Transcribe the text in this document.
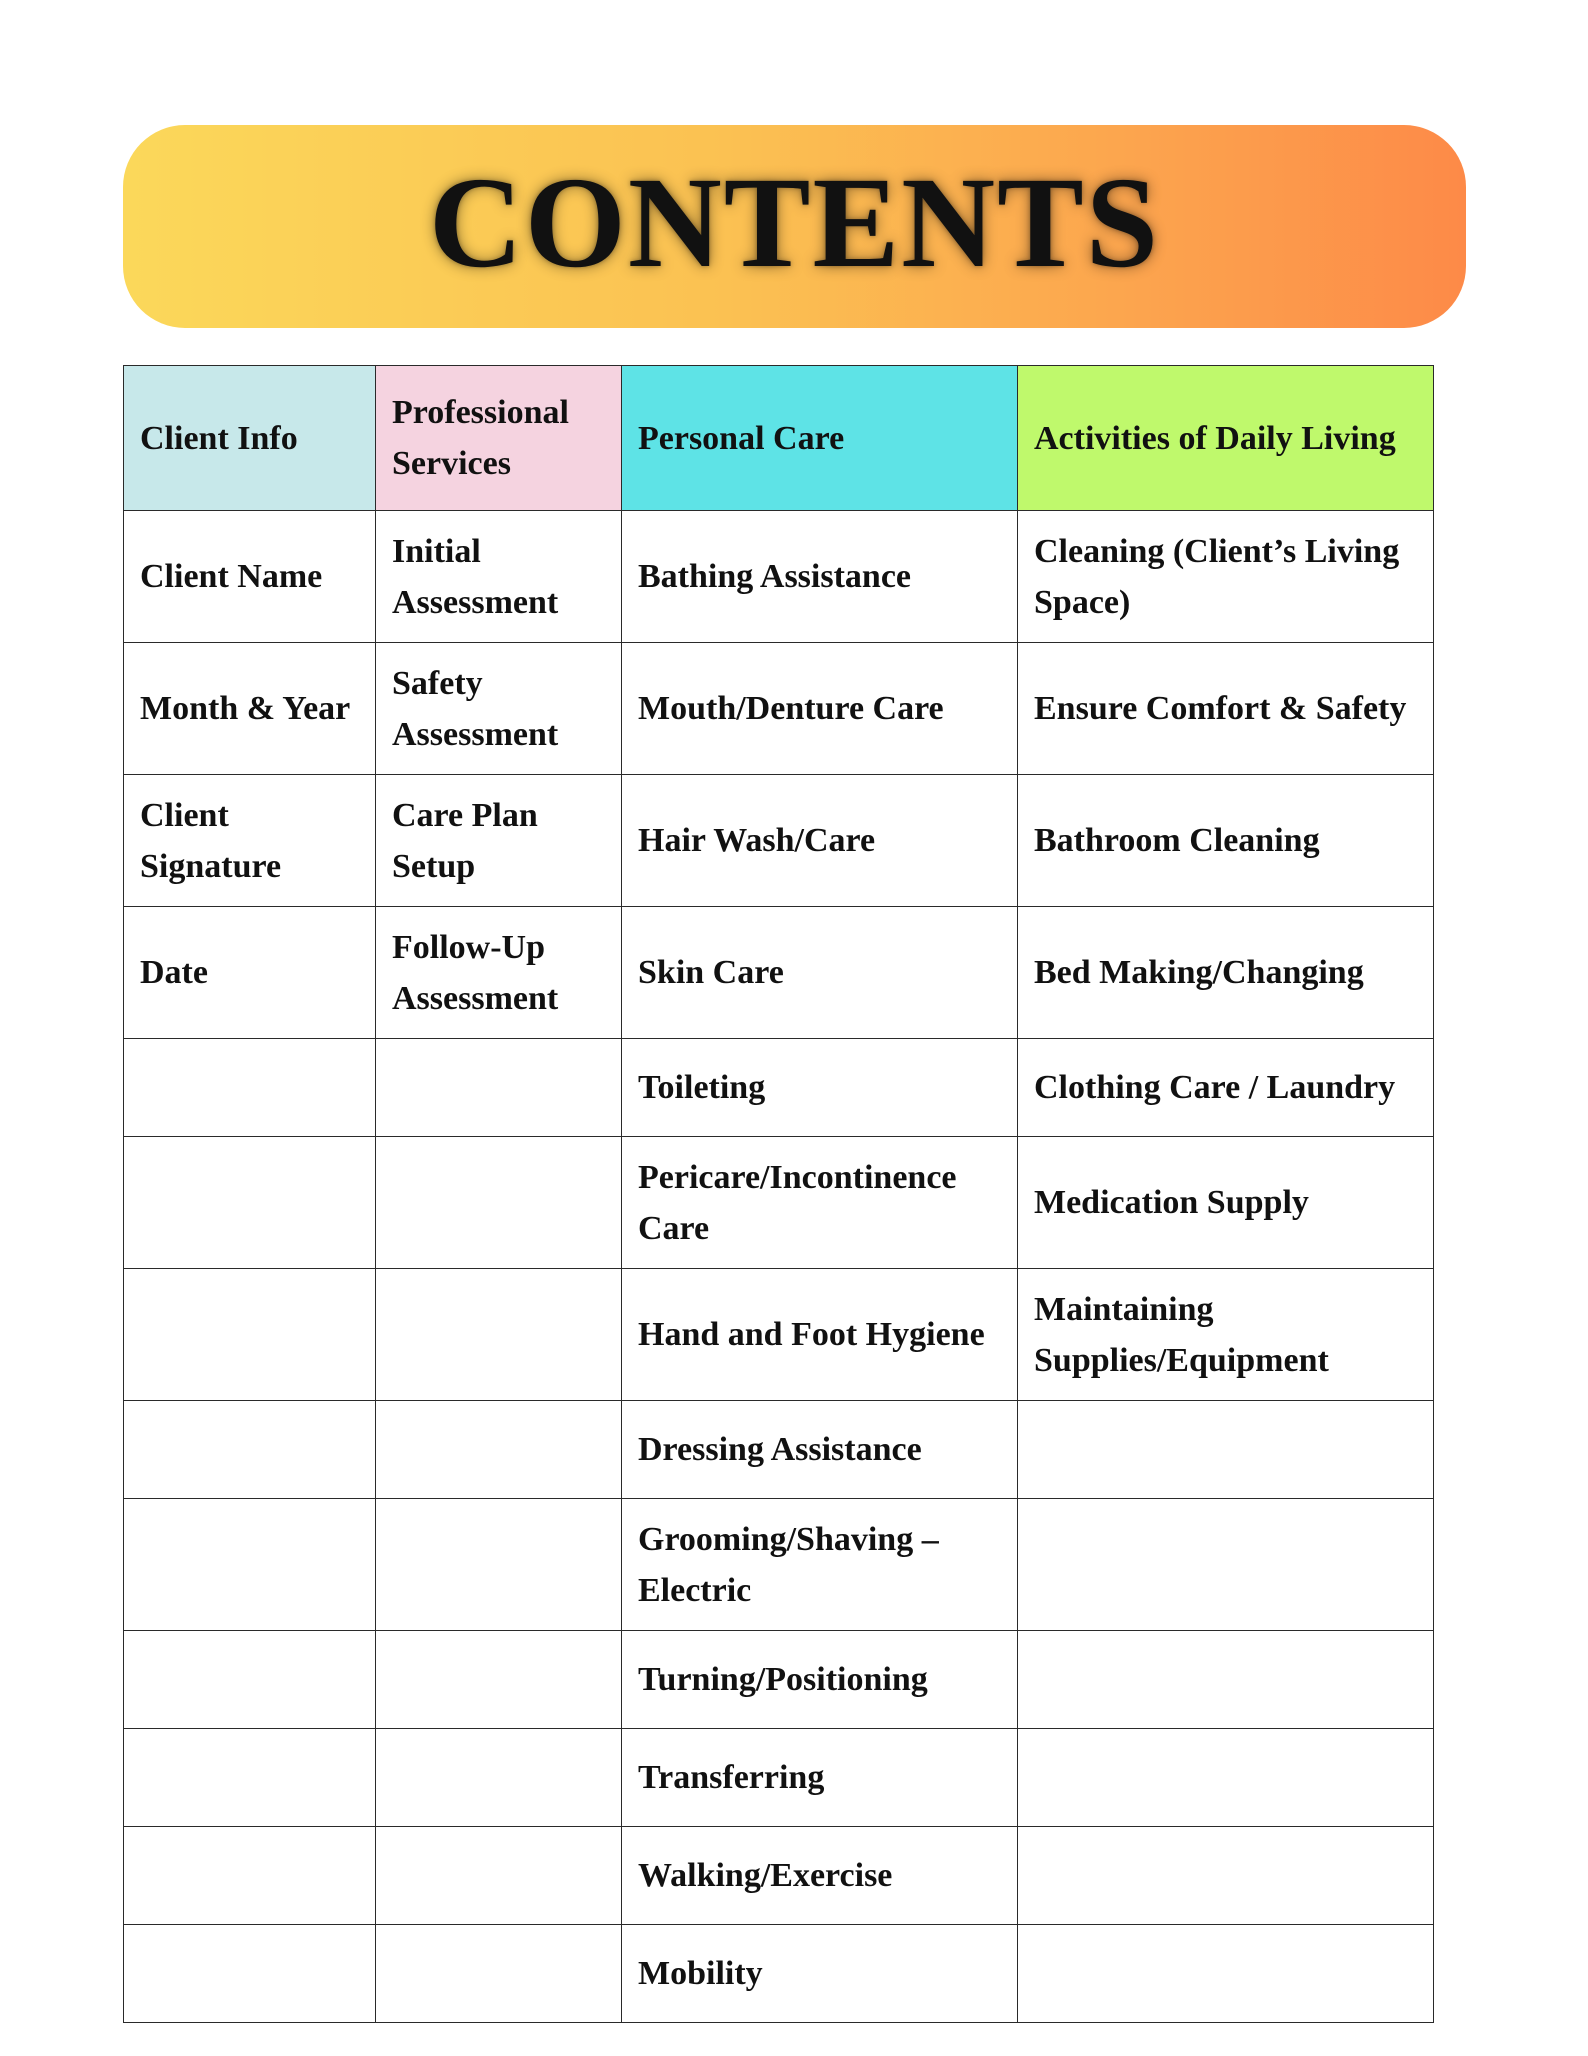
CONTENTS
Client Info	Professional Services	Personal Care	Activities of Daily Living
Client Name	Initial Assessment	Bathing Assistance	Cleaning (Client’s Living Space)
Month & Year	Safety Assessment	Mouth/Denture Care	Ensure Comfort & Safety
Client Signature	Care Plan Setup	Hair Wash/Care	Bathroom Cleaning
Date	Follow-Up Assessment	Skin Care	Bed Making/Changing
		Toileting	Clothing Care / Laundry
		Pericare/Incontinence Care	Medication Supply
		Hand and Foot Hygiene	Maintaining Supplies/Equipment
		Dressing Assistance	
		Grooming/Shaving – Electric	
		Turning/Positioning	
		Transferring	
		Walking/Exercise	
		Mobility	
